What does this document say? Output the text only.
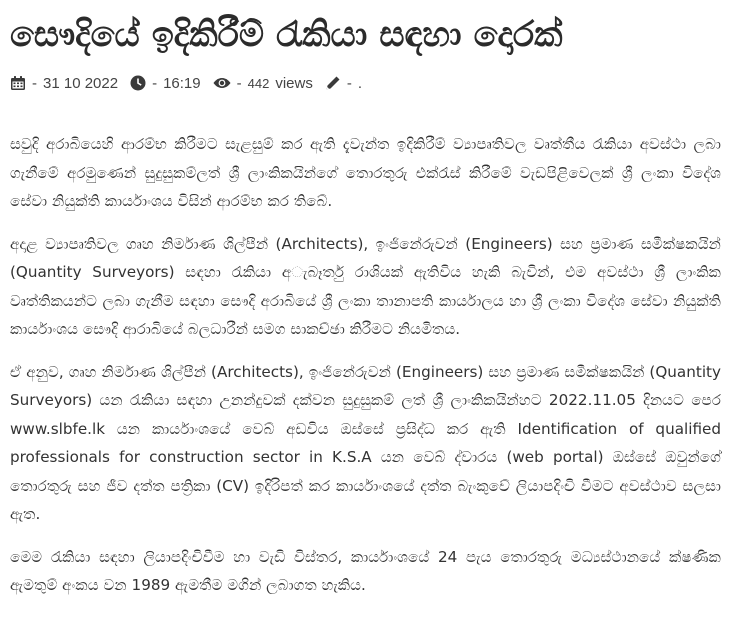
සෞදියේ ඉදිකිරීම් රැකියා සඳහා දොරක්
- 31 10 2022 - 16:19 - 442 views - .

සවුදි අරාබියෙහි ආරම්භ කිරීමට සැළසුම් කර ඇති දැවැන්ත ඉදිකිරීම් ව්‍යාපෘතිවල වෘත්තීය රැකියා අවස්ථා ලබා ගැනීමේ අරමුණෙන් සුදුසුකම්ලත් ශ්‍රී ලාංකිකයින්ගේ තොරතුරු එක්රැස් කිරීමේ වැඩපිළිවෙලක් ශ්‍රී ලංකා විදේශ සේවා නියුක්ති කාර්යාංශය විසින් ආරම්භ කර තිබේ.

අදාළ ව්‍යාපෘතිවල ගෘහ නිර්මාණ ශිල්පීන් (Architects), ඉංජිනේරුවන් (Engineers) සහ ප්‍රමාණ සමීක්ෂකයින් (Quantity Surveyors) සඳහා රැකියා අැබෑර්තු රාශියක් ඇතිවිය හැකි බැවින්, එම අවස්ථා ශ්‍රී ලාංකික වෘත්තිකයන්ට ලබා ගැනීම සඳහා සෞදි අරාබියේ ශ්‍රී ලංකා තානාපති කාර්යාලය හා ශ්‍රී ලංකා විදේශ සේවා නියුක්ති කාර්යාංශය සෞදි ආරාබියේ බලධාරීන් සමග සාකච්ඡා කිරීමට නියමිතය.

ඒ අනුව, ගෘහ නිර්මාණ ශිල්පීන් (Architects), ඉංජිනේරුවන් (Engineers) සහ ප්‍රමාණ සමීක්ෂකයින් (Quantity Surveyors) යන රැකියා සඳහා උනන්දුවක් දක්වන සුදුසුකම් ලත් ශ්‍රී ලාංකිකයින්හට 2022.11.05 දිනයට පෙර www.slbfe.lk යන කාර්යාංශයේ වෙබ් අඩවිය ඔස්සේ ප්‍රසිද්ධ කර ඇති Identification of qualified professionals for construction sector in K.S.A යන වෙබ් ද්වාරය (web portal) ඔස්සේ ඔවුන්ගේ තොරතුරු සහ ජීව දත්ත පත්‍රිකා (CV) ඉදිරිපත් කර කාර්යාංශයේ දත්ත බැංකුවේ ලියාපදිංචි වීමට අවස්ථාව සලසා ඇත.

මෙම රැකියා සඳහා ලියාපදිංචිවීම හා වැඩි විස්තර, කාර්යාංශයේ 24 පැය තොරතුරු මධ්‍යස්ථානයේ ක්ෂණික ඇමතුම් අංකය වන 1989 ඇමතීම මගින් ලබාගත හැකිය.
